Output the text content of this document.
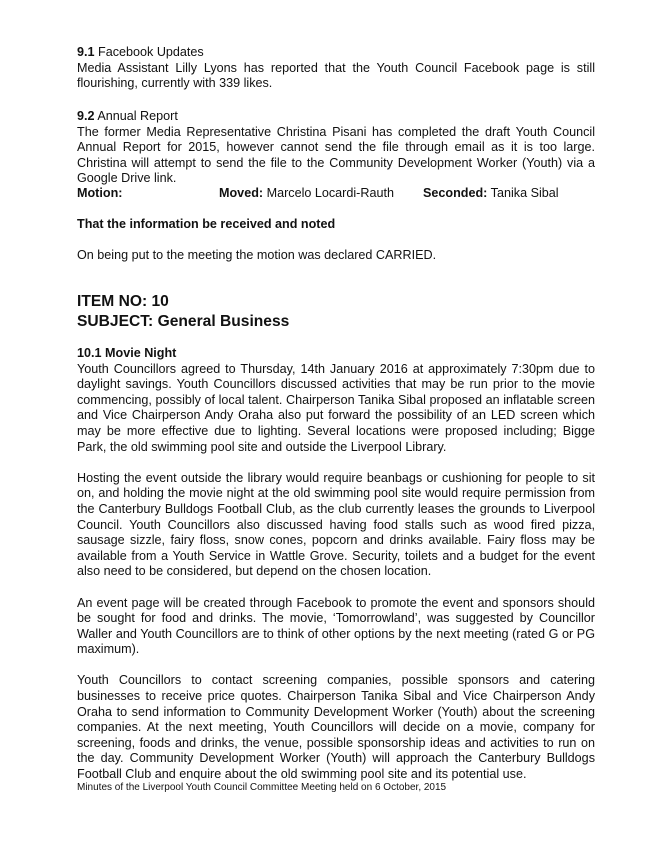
9.1 Facebook Updates

Media Assistant Lilly Lyons has reported that the Youth Council Facebook page is still flourishing, currently with 339 likes.

9.2 Annual Report

The former Media Representative Christina Pisani has completed the draft Youth Council Annual Report for 2015, however cannot send the file through email as it is too large. Christina will attempt to send the file to the Community Development Worker (Youth) via a Google Drive link.

Motion:	Moved: Marcelo Locardi-Rauth Seconded: Tanika Sibal

That the information be received and noted

On being put to the meeting the motion was declared CARRIED.

ITEM NO: 10

SUBJECT: General Business

10.1 Movie Night

Youth Councillors agreed to Thursday, 14th January 2016 at approximately 7:30pm due to daylight savings. Youth Councillors discussed activities that may be run prior to the movie commencing, possibly of local talent. Chairperson Tanika Sibal proposed an inflatable screen and Vice Chairperson Andy Oraha also put forward the possibility of an LED screen which may be more effective due to lighting. Several locations were proposed including; Bigge Park, the old swimming pool site and outside the Liverpool Library.

Hosting the event outside the library would require beanbags or cushioning for people to sit on, and holding the movie night at the old swimming pool site would require permission from the Canterbury Bulldogs Football Club, as the club currently leases the grounds to Liverpool Council. Youth Councillors also discussed having food stalls such as wood fired pizza, sausage sizzle, fairy floss, snow cones, popcorn and drinks available. Fairy floss may be available from a Youth Service in Wattle Grove. Security, toilets and a budget for the event also need to be considered, but depend on the chosen location.

An event page will be created through Facebook to promote the event and sponsors should be sought for food and drinks. The movie, ‘Tomorrowland’, was suggested by Councillor Waller and Youth Councillors are to think of other options by the next meeting (rated G or PG maximum).

Youth Councillors to contact screening companies, possible sponsors and catering businesses to receive price quotes. Chairperson Tanika Sibal and Vice Chairperson Andy Oraha to send information to Community Development Worker (Youth) about the screening companies. At the next meeting, Youth Councillors will decide on a movie, company for screening, foods and drinks, the venue, possible sponsorship ideas and activities to run on the day. Community Development Worker (Youth) will approach the Canterbury Bulldogs Football Club and enquire about the old swimming pool site and its potential use.

Minutes of the Liverpool Youth Council Committee Meeting held on 6 October, 2015
